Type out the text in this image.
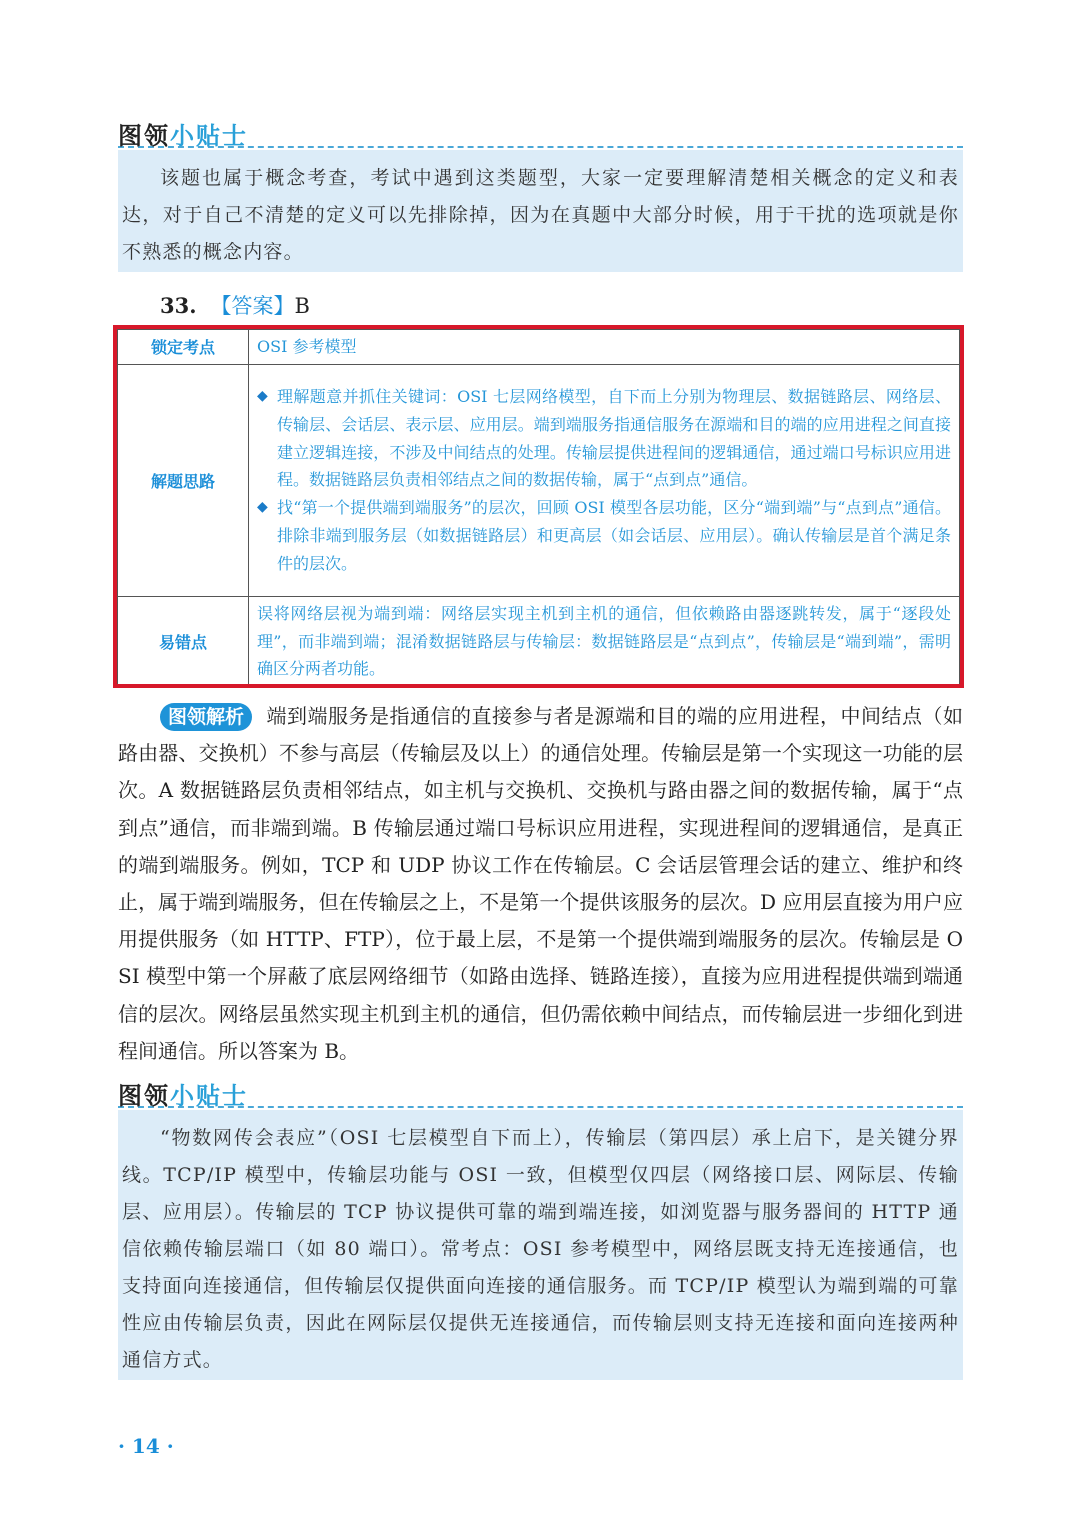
图领小贴士

该题也属于概念考查，考试中遇到这类题型，大家一定要理解清楚相关概念的定义和表达，对于自己不清楚的定义可以先排除掉，因为在真题中大部分时候，用于干扰的选项就是你不熟悉的概念内容。

33. 【答案】B
锁定考点	OSI 参考模型
解题思路	◆ 理解题意并抓住关键词：OSI 七层网络模型，自下而上分别为物理层、数据链路层、网络层、传输层、会话层、表示层、应用层。端到端服务指通信服务在源端和目的端的应用进程之间直接建立逻辑连接，不涉及中间结点的处理。传输层提供进程间的逻辑通信，通过端口号标识应用进程。数据链路层负责相邻结点之间的数据传输，属于“点到点”通信。
◆ 找“第一个提供端到端服务”的层次，回顾 OSI 模型各层功能，区分“端到端”与“点到点”通信。排除非端到服务层（如数据链路层）和更高层（如会话层、应用层）。确认传输层是首个满足条件的层次。

易错点	误将网络层视为端到端：网络层实现主机到主机的通信，但依赖路由器逐跳转发，属于“逐段处理”，而非端到端；混淆数据链路层与传输层：数据链路层是“点到点”，传输层是“端到端”，需明确区分两者功能。
图领解析 端到端服务是指通信的直接参与者是源端和目的端的应用进程，中间结点（如路由器、交换机）不参与高层（传输层及以上）的通信处理。传输层是第一个实现这一功能的层次。A 数据链路层负责相邻结点，如主机与交换机、交换机与路由器之间的数据传输，属于“点到点”通信，而非端到端。B 传输层通过端口号标识应用进程，实现进程间的逻辑通信，是真正的端到端服务。例如，TCP 和 UDP 协议工作在传输层。C 会话层管理会话的建立、维护和终止，属于端到端服务，但在传输层之上，不是第一个提供该服务的层次。D 应用层直接为用户应用提供服务（如 HTTP、FTP），位于最上层，不是第一个提供端到端服务的层次。传输层是 OSI 模型中第一个屏蔽了底层网络细节（如路由选择、链路连接），直接为应用进程提供端到端通信的层次。网络层虽然实现主机到主机的通信，但仍需依赖中间结点，而传输层进一步细化到进程间通信。所以答案为 B。
图领小贴士

“物数网传会表应”（OSI 七层模型自下而上），传输层（第四层）承上启下，是关键分界线。TCP/IP 模型中，传输层功能与 OSI 一致，但模型仅四层（网络接口层、网际层、传输层、应用层）。传输层的 TCP 协议提供可靠的端到端连接，如浏览器与服务器间的 HTTP 通信依赖传输层端口（如 80 端口）。常考点：OSI 参考模型中，网络层既支持无连接通信，也支持面向连接通信，但传输层仅提供面向连接的通信服务。而 TCP/IP 模型认为端到端的可靠性应由传输层负责，因此在网际层仅提供无连接通信，而传输层则支持无连接和面向连接两种通信方式。

· 14 ·
